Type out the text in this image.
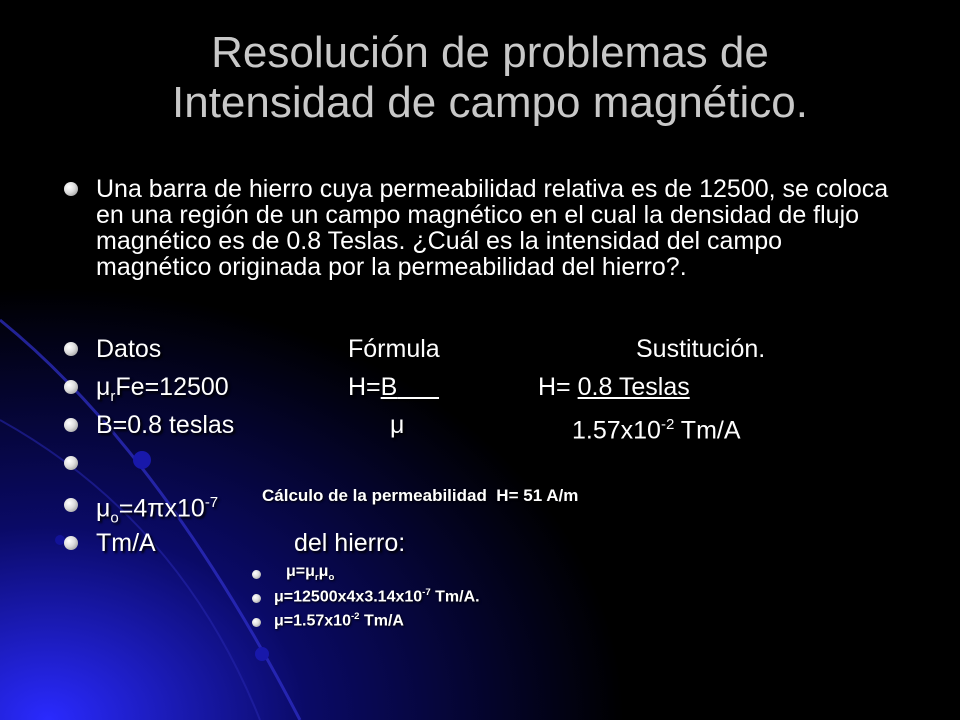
Resolución de problemas de
Intensidad de campo magnético.
Una barra de hierro cuya permeabilidad relativa es de 12500, se coloca en una región de un campo magnético en el cual la densidad de flujo magnético es de 0.8 Teslas. ¿Cuál es la intensidad del campo magnético originada por la permeabilidad del hierro?.
Datos	Fórmula	Sustitución.
$\mu_rFe=12500$	H=B	H= 0.8 Teslas
B=0.8 teslas	μ	$1.57x10^{-2}$ Tm/A
$\mu_o=4\pi x10^{-7}$	Cálculo de la permeabilidad H= 51 A/m
Tm/A	del hierro:
$\mu=\mu_r\mu_o$
$\mu=12500x4x3.14x10^{-7}$ Tm/A.
$\mu=1.57x10^{-2}$ Tm/A
